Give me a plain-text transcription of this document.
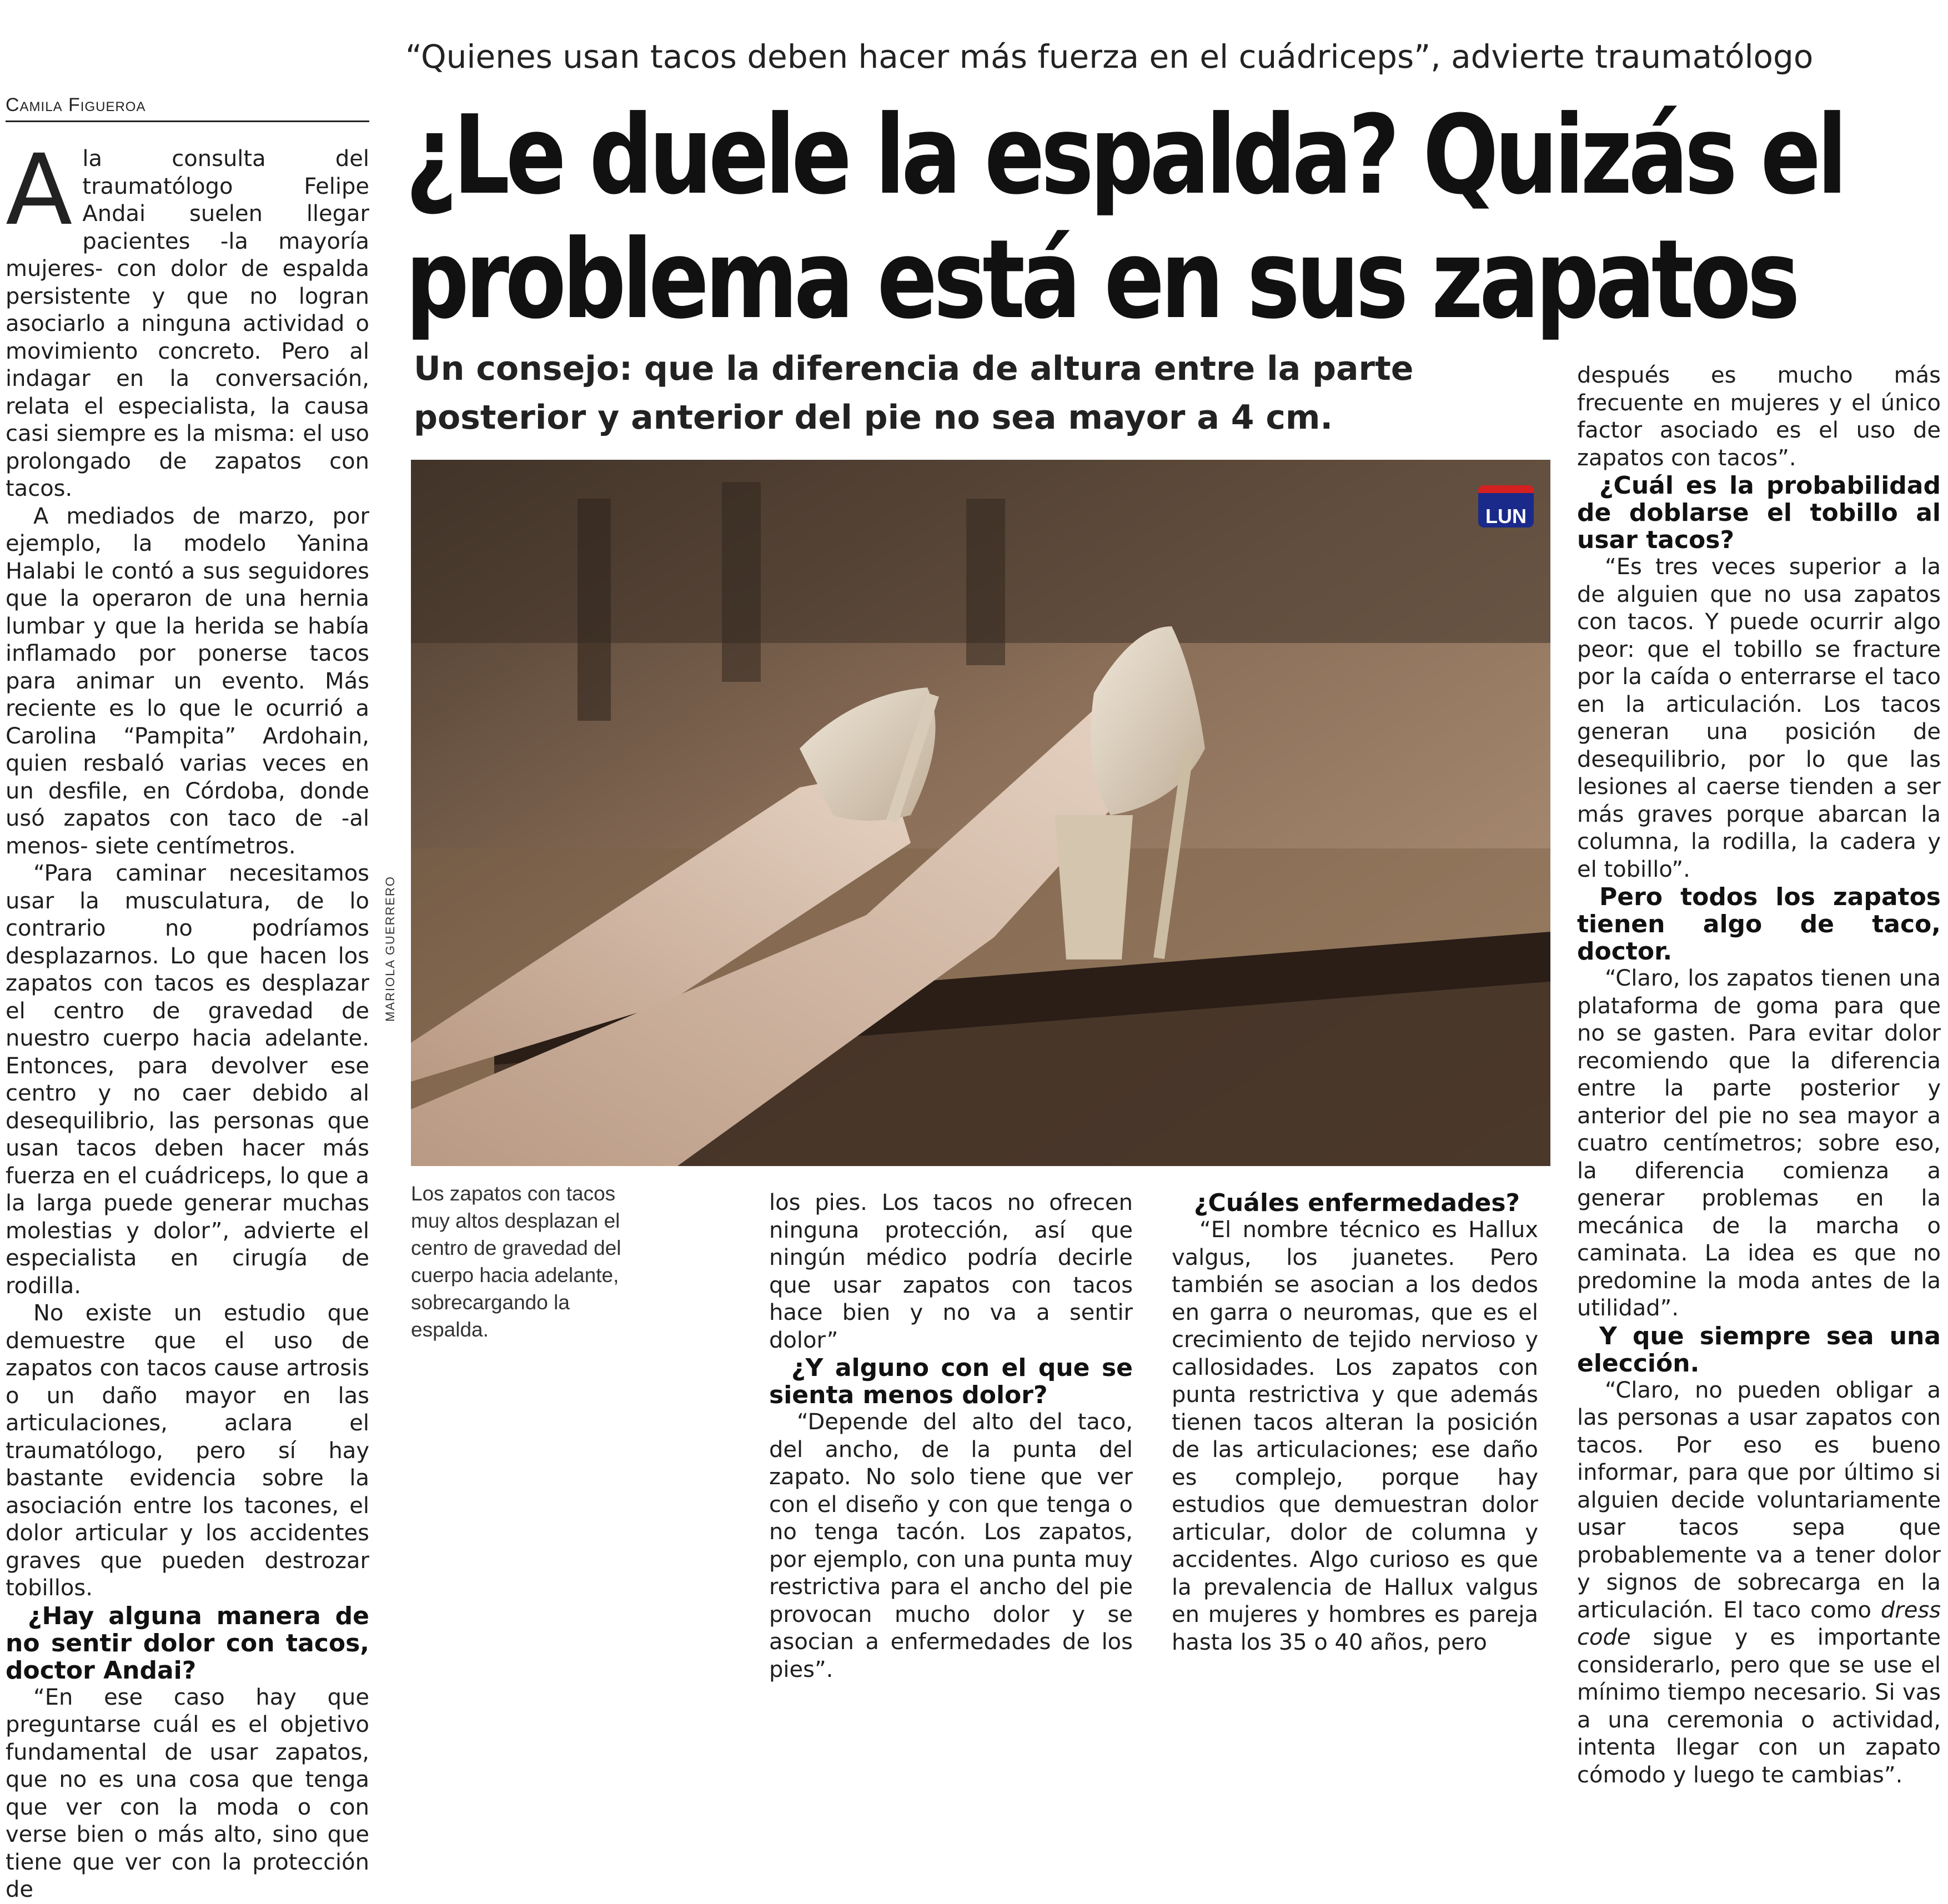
“Quienes usan tacos deben hacer más fuerza en el cuádriceps”, advierte traumatólogo
Camila Figueroa	¿Le duele la espalda? Quizás el
problema está en sus zapatos
Un consejo: que la diferencia de altura entre la parte
posterior y anterior del pie no sea mayor a 4 cm.

Ala consulta del traumatólogo Felipe Andai suelen llegar pacientes -la mayoría mujeres- con dolor de espalda persistente y que no logran asociarlo a ninguna actividad o movimiento concreto. Pero al indagar en la conversación, relata el especialista, la causa casi siempre es la misma: el uso prolongado de zapatos con tacos.

A mediados de marzo, por ejemplo, la modelo Yanina Halabi le contó a sus seguidores que la operaron de una hernia lumbar y que la herida se había inflamado por ponerse tacos para animar un evento. Más reciente es lo que le ocurrió a Carolina “Pampita” Ardohain, quien resbaló varias veces en un desfile, en Córdoba, donde usó zapatos con taco de -al menos- siete centímetros.

“Para caminar necesitamos usar la musculatura, de lo contrario no podríamos desplazarnos. Lo que hacen los zapatos con tacos es desplazar el centro de gravedad de nuestro cuerpo hacia adelante. Entonces, para devolver ese centro y no caer debido al desequilibrio, las personas que usan tacos deben hacer más fuerza en el cuádriceps, lo que a la larga puede generar muchas molestias y dolor”, advierte el especialista en cirugía de rodilla.

No existe un estudio que demuestre que el uso de zapatos con tacos cause artrosis o un daño mayor en las articulaciones, aclara el traumatólogo, pero sí hay bastante evidencia sobre la asociación entre los tacones, el dolor articular y los accidentes graves que pueden destrozar tobillos.

¿Hay alguna manera de no sentir dolor con tacos, doctor Andai?

“En ese caso hay que preguntarse cuál es el objetivo fundamental de usar zapatos, que no es una cosa que tenga que ver con la moda o con verse bien o más alto, sino que tiene que ver con la protección de

LUN
MARIOLA GUERRERO
Los zapatos con tacos muy altos desplazan el centro de gravedad del cuerpo hacia adelante, sobrecargando la espalda.

los pies. Los tacos no ofrecen ninguna protección, así que ningún médico podría decirle que usar zapatos con tacos hace bien y no va a sentir dolor”

¿Y alguno con el que se sienta menos dolor?

“Depende del alto del taco, del ancho, de la punta del zapato. No solo tiene que ver con el diseño y con que tenga o no tenga tacón. Los zapatos, por ejemplo, con una punta muy restrictiva para el ancho del pie provocan mucho dolor y se asocian a enfermedades de los pies”.

¿Cuáles enfermedades?

“El nombre técnico es Hallux valgus, los juanetes. Pero también se asocian a los dedos en garra o neuromas, que es el crecimiento de tejido nervioso y callosidades. Los zapatos con punta restrictiva y que además tienen tacos alteran la posición de las articulaciones; ese daño es complejo, porque hay estudios que demuestran dolor articular, dolor de columna y accidentes. Algo curioso es que la prevalencia de Hallux valgus en mujeres y hombres es pareja hasta los 35 o 40 años, pero

después es mucho más frecuente en mujeres y el único factor asociado es el uso de zapatos con tacos”.

¿Cuál es la probabilidad de doblarse el tobillo al usar tacos?

“Es tres veces superior a la de alguien que no usa zapatos con tacos. Y puede ocurrir algo peor: que el tobillo se fracture por la caída o enterrarse el taco en la articulación. Los tacos generan una posición de desequilibrio, por lo que las lesiones al caerse tienden a ser más graves porque abarcan la columna, la rodilla, la cadera y el tobillo”.

Pero todos los zapatos tienen algo de taco, doctor.

“Claro, los zapatos tienen una plataforma de goma para que no se gasten. Para evitar dolor recomiendo que la diferencia entre la parte posterior y anterior del pie no sea mayor a cuatro centímetros; sobre eso, la diferencia comienza a generar problemas en la mecánica de la marcha o caminata. La idea es que no predomine la moda antes de la utilidad”.

Y que siempre sea una elección.

“Claro, no pueden obligar a las personas a usar zapatos con tacos. Por eso es bueno informar, para que por último si alguien decide voluntariamente usar tacos sepa que probablemente va a tener dolor y signos de sobrecarga en la articulación. El taco como dress code sigue y es importante considerarlo, pero que se use el mínimo tiempo necesario. Si vas a una ceremonia o actividad, intenta llegar con un zapato cómodo y luego te cambias”.
